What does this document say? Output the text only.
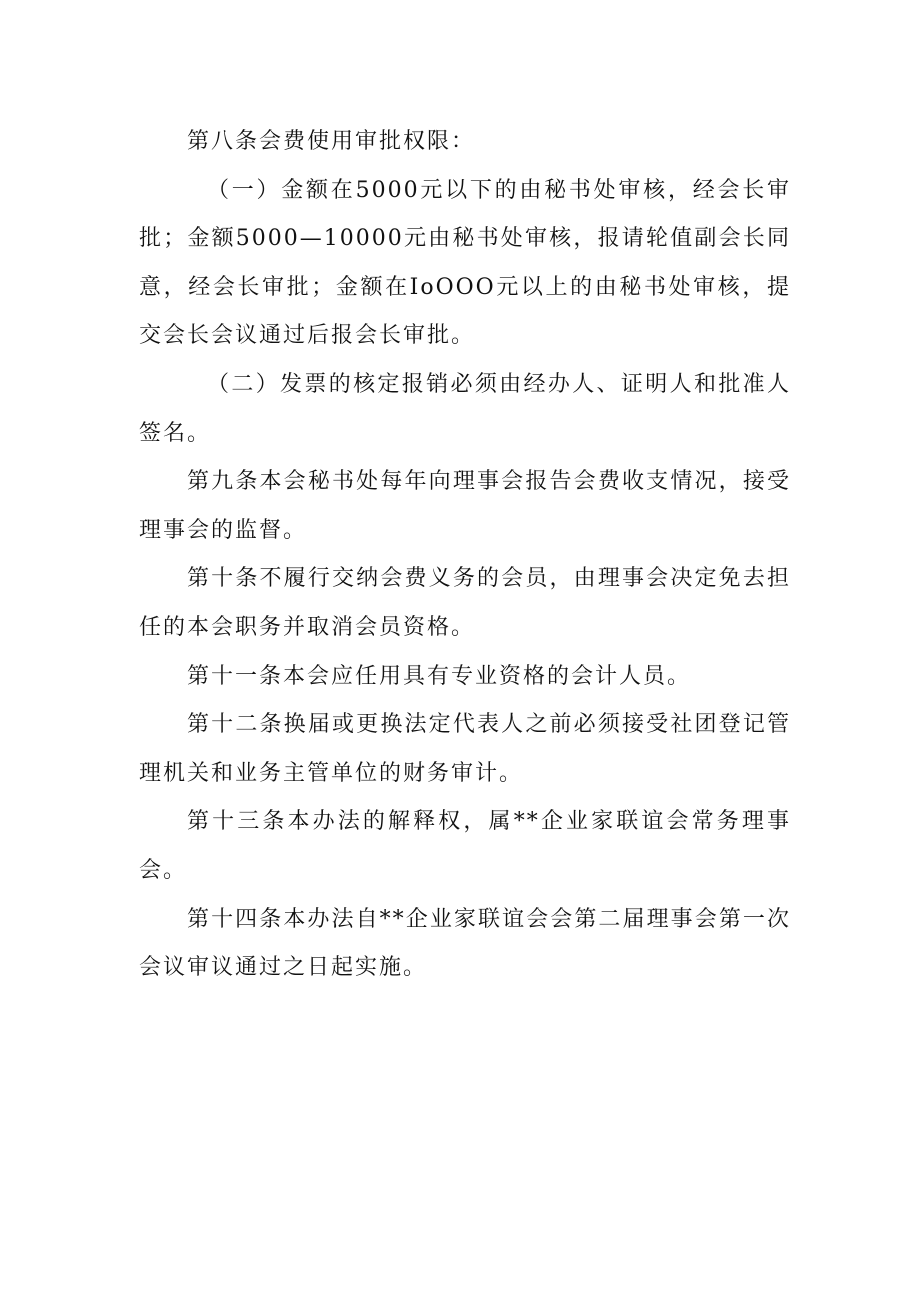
第八条会费使用审批权限：

（一）金额在5000元以下的由秘书处审核，经会长审批；金额5000—10000元由秘书处审核，报请轮值副会长同意，经会长审批；金额在IoOOO元以上的由秘书处审核，提交会长会议通过后报会长审批。

（二）发票的核定报销必须由经办人、证明人和批准人签名。

第九条本会秘书处每年向理事会报告会费收支情况，接受理事会的监督。

第十条不履行交纳会费义务的会员，由理事会决定免去担任的本会职务并取消会员资格。

第十一条本会应任用具有专业资格的会计人员。

第十二条换届或更换法定代表人之前必须接受社团登记管理机关和业务主管单位的财务审计。

第十三条本办法的解释权，属**企业家联谊会常务理事会。

第十四条本办法自**企业家联谊会会第二届理事会第一次会议审议通过之日起实施。
